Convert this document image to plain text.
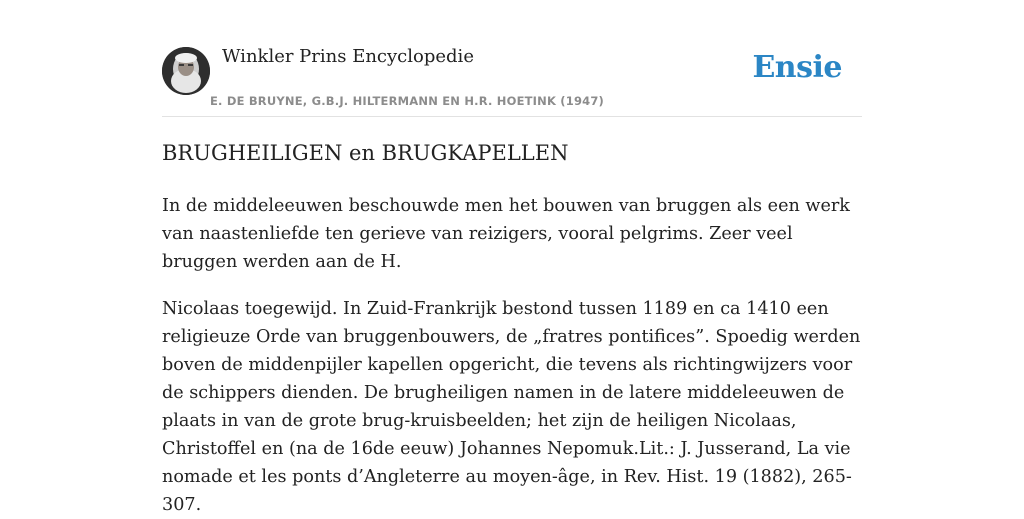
Winkler Prins Encyclopedie
E. DE BRUYNE, G.B.J. HILTERMANN EN H.R. HOETINK (1947)
Ensie
BRUGHEILIGEN en BRUGKAPELLEN

In de middeleeuwen beschouwde men het bouwen van bruggen als een werk van naastenliefde ten gerieve van reizigers, vooral pelgrims. Zeer veel bruggen werden aan de H.

Nicolaas toegewijd. In Zuid-Frankrijk bestond tussen 1189 en ca 1410 een religieuze Orde van bruggenbouwers, de „fratres pontifices”. Spoedig werden boven de middenpijler kapellen opgericht, die tevens als richtingwijzers voor de schippers dienden. De brugheiligen namen in de latere middeleeuwen de plaats in van de grote brug-kruisbeelden; het zijn de heiligen Nicolaas, Christoffel en (na de 16de eeuw) Johannes Nepomuk.Lit.: J. Jusserand, La vie nomade et les ponts d’Angleterre au moyen-âge, in Rev. Hist. 19 (1882), 265-307.
